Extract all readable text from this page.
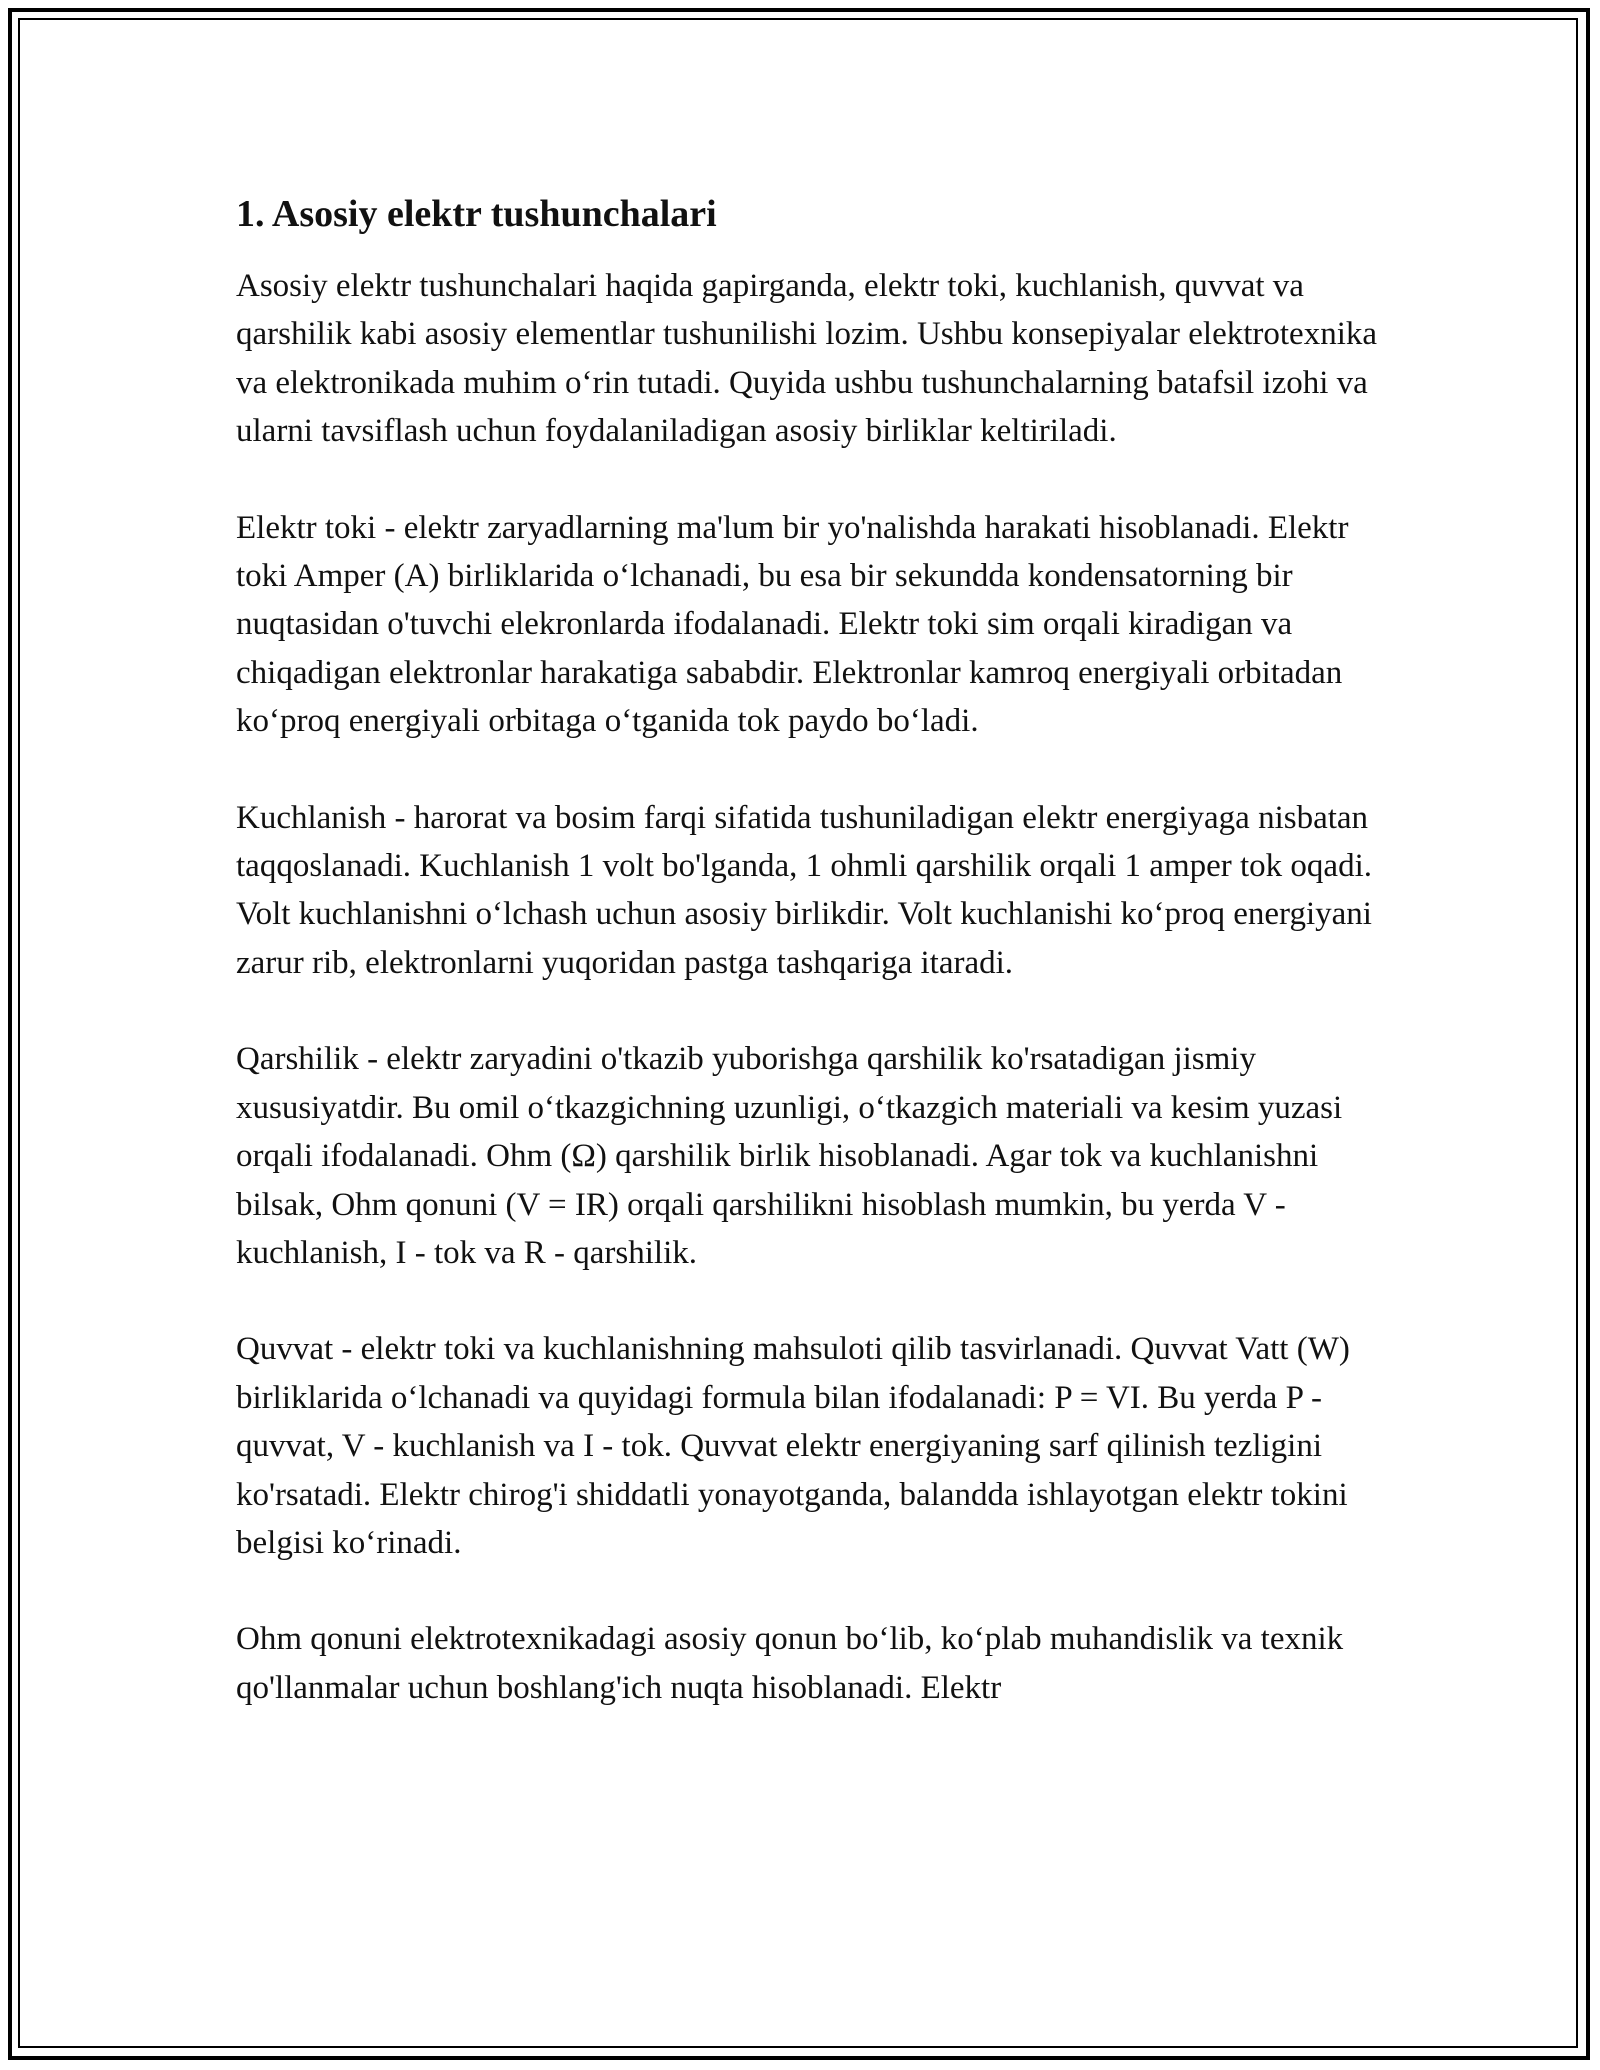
1. Asosiy elektr tushunchalari

Asosiy elektr tushunchalari haqida gapirganda, elektr toki, kuchlanish, quvvat va qarshilik kabi asosiy elementlar tushunilishi lozim. Ushbu konsepiyalar elektrotexnika va elektronikada muhim o‘rin tutadi. Quyida ushbu tushunchalarning batafsil izohi va ularni tavsiflash uchun foydalaniladigan asosiy birliklar keltiriladi.

Elektr toki - elektr zaryadlarning ma'lum bir yo'nalishda harakati hisoblanadi. Elektr toki Amper (A) birliklarida o‘lchanadi, bu esa bir sekundda kondensatorning bir nuqtasidan o'tuvchi elekronlarda ifodalanadi. Elektr toki sim orqali kiradigan va chiqadigan elektronlar harakatiga sababdir. Elektronlar kamroq energiyali orbitadan ko‘proq energiyali orbitaga o‘tganida tok paydo bo‘ladi.

Kuchlanish - harorat va bosim farqi sifatida tushuniladigan elektr energiyaga nisbatan taqqoslanadi. Kuchlanish 1 volt bo'lganda, 1 ohmli qarshilik orqali 1 amper tok oqadi. Volt kuchlanishni o‘lchash uchun asosiy birlikdir. Volt kuchlanishi ko‘proq energiyani zarur rib, elektronlarni yuqoridan pastga tashqariga itaradi.

Qarshilik - elektr zaryadini o'tkazib yuborishga qarshilik ko'rsatadigan jismiy xususiyatdir. Bu omil o‘tkazgichning uzunligi, o‘tkazgich materiali va kesim yuzasi orqali ifodalanadi. Ohm (Ω) qarshilik birlik hisoblanadi. Agar tok va kuchlanishni bilsak, Ohm qonuni (V = IR) orqali qarshilikni hisoblash mumkin, bu yerda V - kuchlanish, I - tok va R - qarshilik.

Quvvat - elektr toki va kuchlanishning mahsuloti qilib tasvirlanadi. Quvvat Vatt (W) birliklarida o‘lchanadi va quyidagi formula bilan ifodalanadi: P = VI. Bu yerda P - quvvat, V - kuchlanish va I - tok. Quvvat elektr energiyaning sarf qilinish tezligini ko'rsatadi. Elektr chirog'i shiddatli yonayotganda, balandda ishlayotgan elektr tokini belgisi ko‘rinadi.

Ohm qonuni elektrotexnikadagi asosiy qonun bo‘lib, ko‘plab muhandislik va texnik qo'llanmalar uchun boshlang'ich nuqta hisoblanadi. Elektr
